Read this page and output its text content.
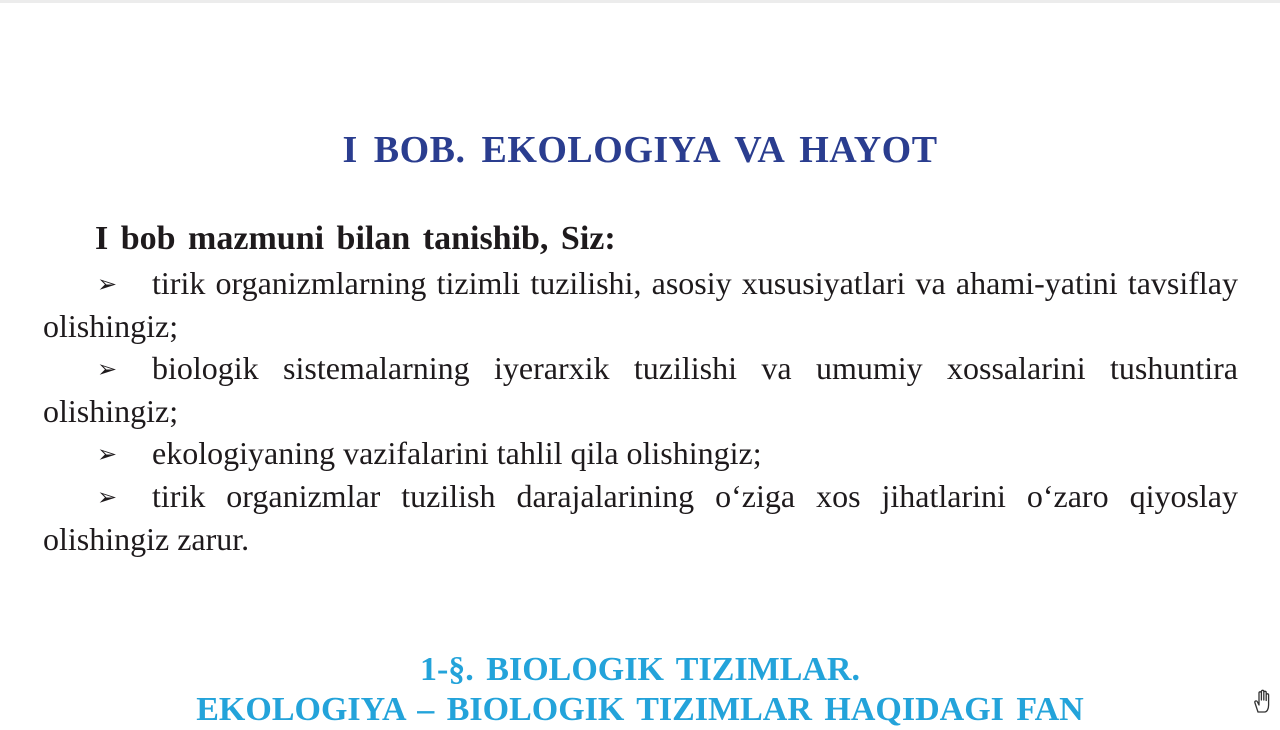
I BOB. EKOLOGIYA VA HAYOT

I bob mazmuni bilan tanishib, Siz:

➢ tirik organizmlarning tizimli tuzilishi, asosiy xususiyatlari va ahami-yatini tavsiflay olishingiz;
➢ biologik sistemalarning iyerarxik tuzilishi va umumiy xossalarini tushuntira olishingiz;
➢ ekologiyaning vazifalarini tahlil qila olishingiz;
➢ tirik organizmlar tuzilish darajalarining o‘ziga xos jihatlarini o‘zaro qiyoslay olishingiz zarur.
1-§. BIOLOGIK TIZIMLAR.
EKOLOGIYA – BIOLOGIK TIZIMLAR HAQIDAGI FAN
